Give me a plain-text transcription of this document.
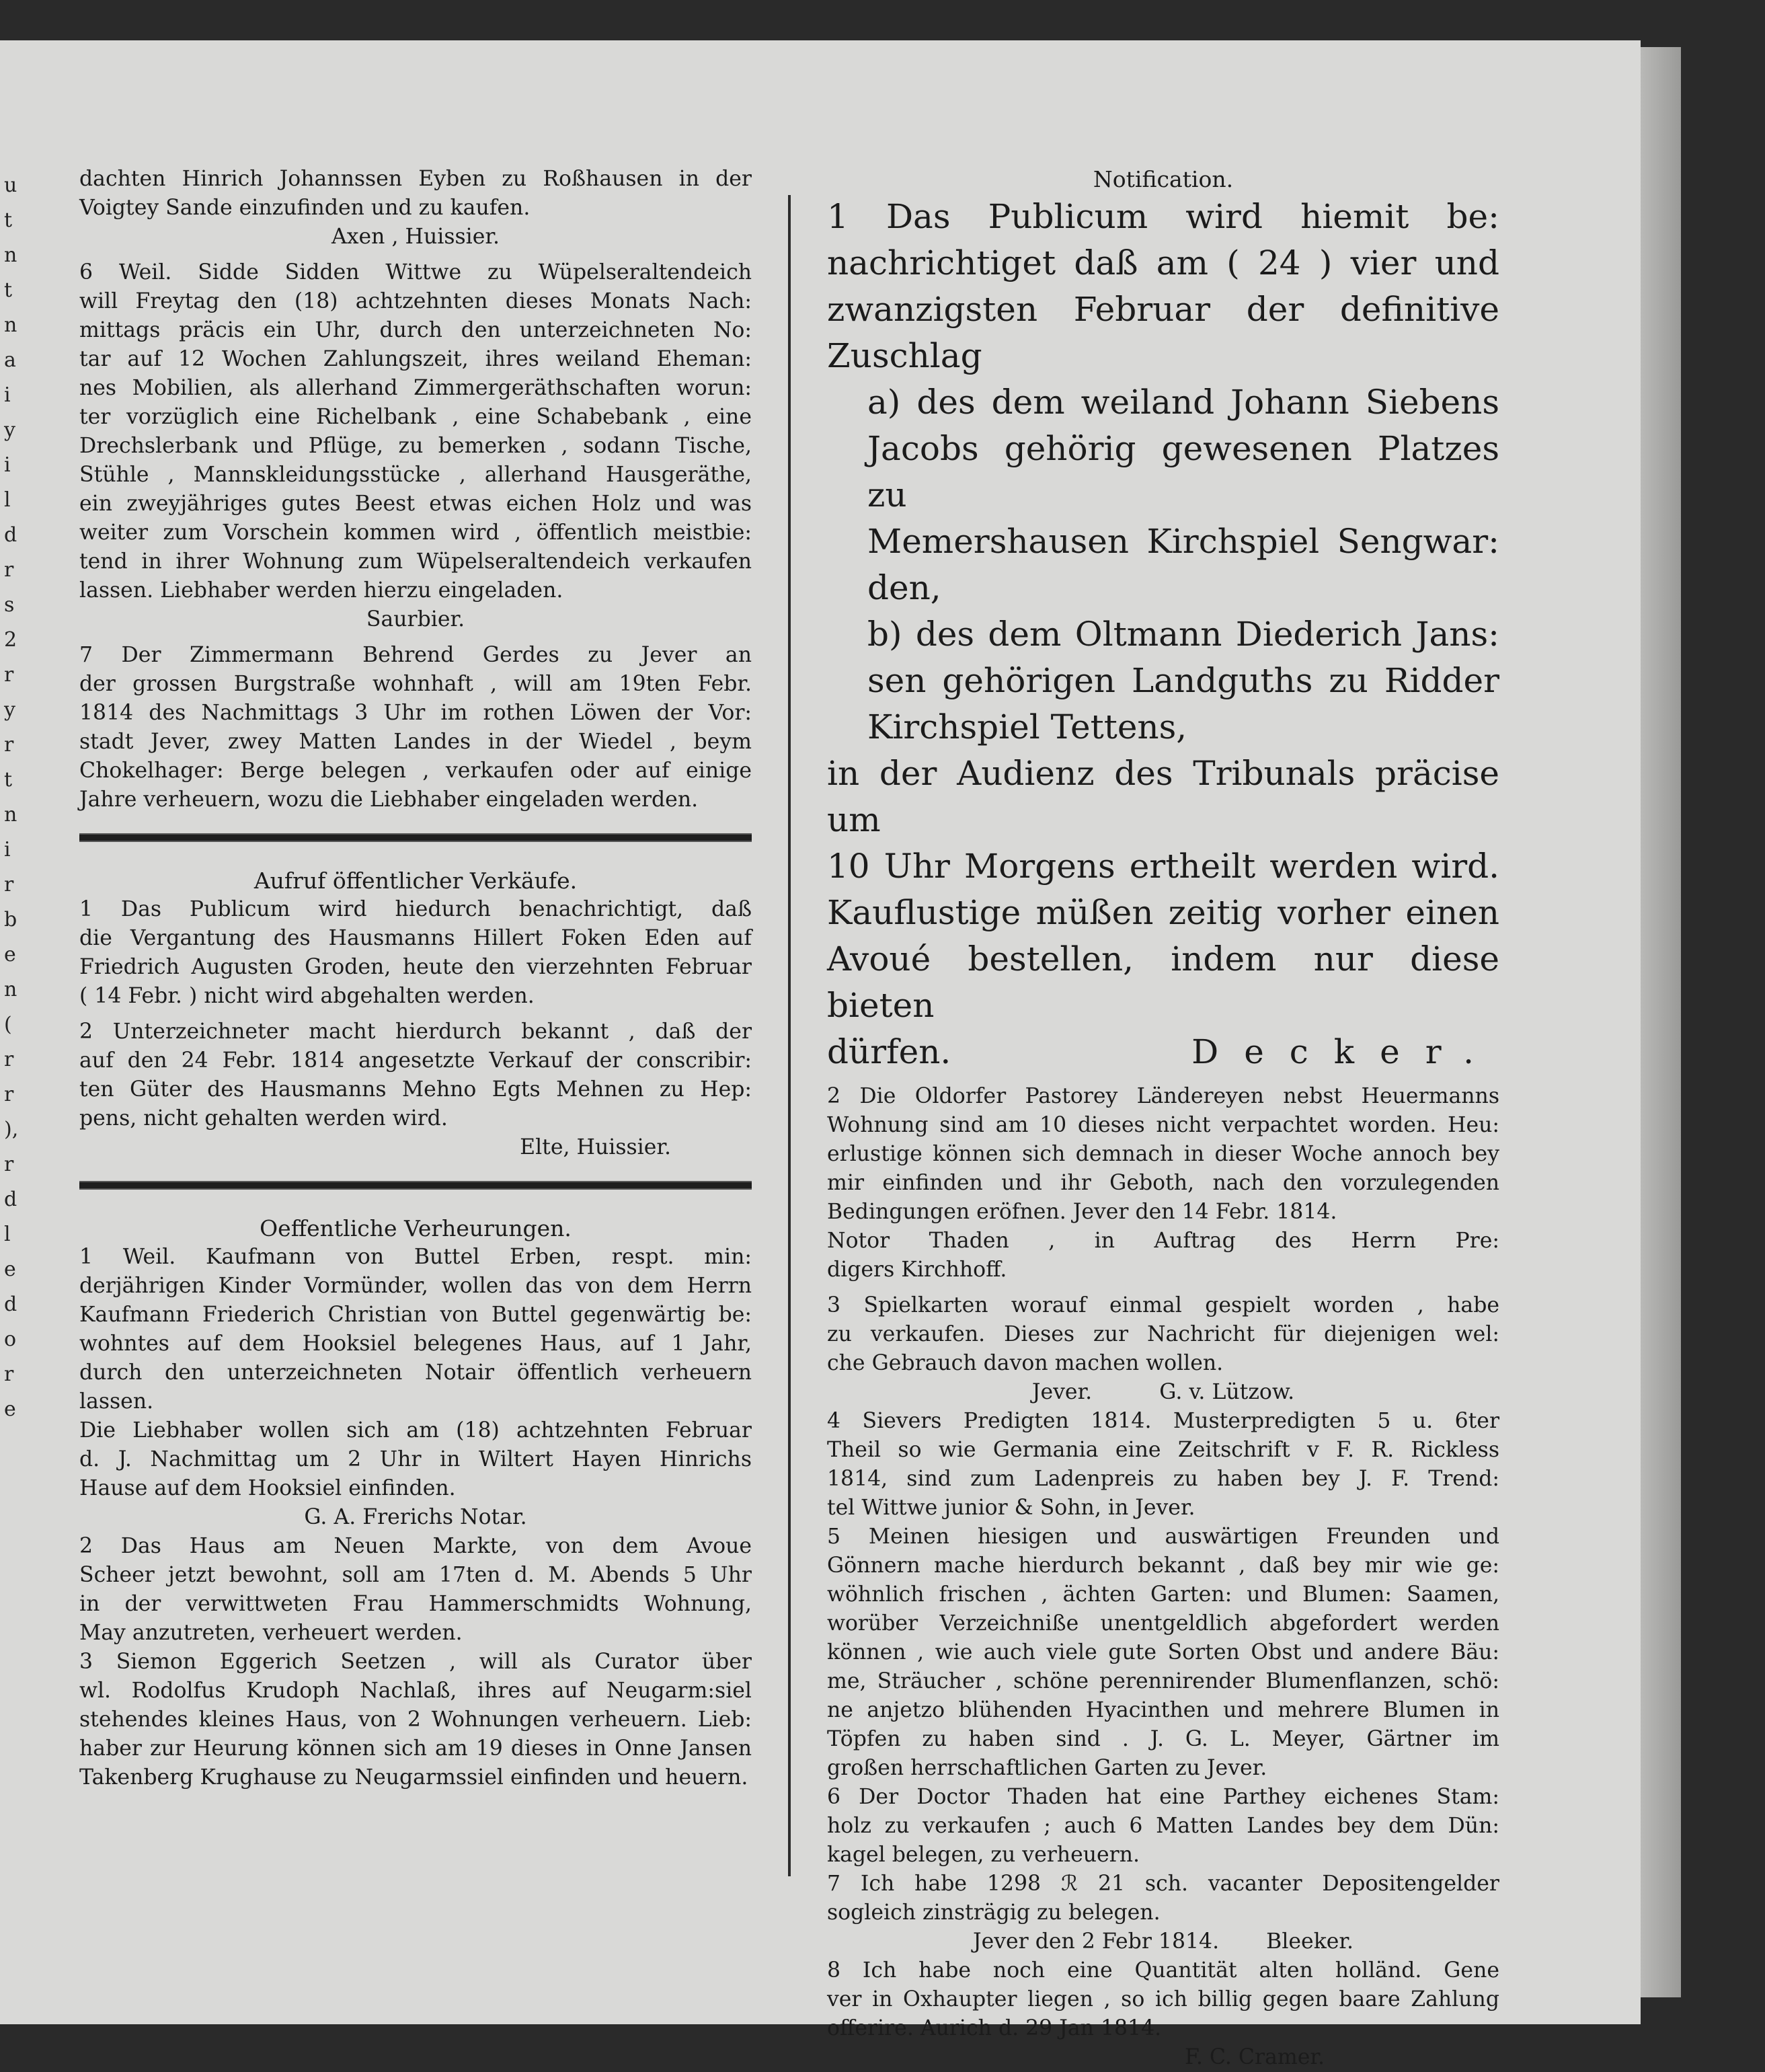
u
t
n
t
n
a
i
y
i
l
d
r
s
2
r
y
r
t
n
i
r
b
e
n
(
r
r
),
r
d
l
e
d
o
r
e

dachten Hinrich Johannssen Eyben zu Roßhausen in der

Voigtey Sande einzufinden und zu kaufen.

Axen , Huissier.

6 Weil. Sidde Sidden Wittwe zu Wüpelseraltendeich

will Freytag den (18) achtzehnten dieses Monats Nach:

mittags präcis ein Uhr, durch den unterzeichneten No:

tar auf 12 Wochen Zahlungszeit, ihres weiland Eheman:

nes Mobilien, als allerhand Zimmergeräthschaften worun:

ter vorzüglich eine Richelbank , eine Schabebank , eine

Drechslerbank und Pflüge, zu bemerken , sodann Tische,

Stühle , Mannskleidungsstücke , allerhand Hausgeräthe,

ein zweyjähriges gutes Beest etwas eichen Holz und was

weiter zum Vorschein kommen wird , öffentlich meistbie:

tend in ihrer Wohnung zum Wüpelseraltendeich verkaufen

lassen. Liebhaber werden hierzu eingeladen.

Saurbier.

7 Der Zimmermann Behrend Gerdes zu Jever an

der grossen Burgstraße wohnhaft , will am 19ten Febr.

1814 des Nachmittags 3 Uhr im rothen Löwen der Vor:

stadt Jever, zwey Matten Landes in der Wiedel , beym

Chokelhager: Berge belegen , verkaufen oder auf einige

Jahre verheuern, wozu die Liebhaber eingeladen werden.

Aufruf öffentlicher Verkäufe.

1 Das Publicum wird hiedurch benachrichtigt, daß

die Vergantung des Hausmanns Hillert Foken Eden auf

Friedrich Augusten Groden, heute den vierzehnten Februar

( 14 Febr. ) nicht wird abgehalten werden.

2 Unterzeichneter macht hierdurch bekannt , daß der

auf den 24 Febr. 1814 angesetzte Verkauf der conscribir:

ten Güter des Hausmanns Mehno Egts Mehnen zu Hep:

pens, nicht gehalten werden wird.

Elte, Huissier.

Oeffentliche Verheurungen.

1 Weil. Kaufmann von Buttel Erben, respt. min:

derjährigen Kinder Vormünder, wollen das von dem Herrn

Kaufmann Friederich Christian von Buttel gegenwärtig be:

wohntes auf dem Hooksiel belegenes Haus, auf 1 Jahr,

durch den unterzeichneten Notair öffentlich verheuern lassen.

Die Liebhaber wollen sich am (18) achtzehnten Februar

d. J. Nachmittag um 2 Uhr in Wiltert Hayen Hinrichs

Hause auf dem Hooksiel einfinden.

G. A. Frerichs Notar.

2 Das Haus am Neuen Markte, von dem Avoue

Scheer jetzt bewohnt, soll am 17ten d. M. Abends 5 Uhr

in der verwittweten Frau Hammerschmidts Wohnung,

May anzutreten, verheuert werden.

3 Siemon Eggerich Seetzen , will als Curator über

wl. Rodolfus Krudoph Nachlaß, ihres auf Neugarm:siel

stehendes kleines Haus, von 2 Wohnungen verheuern. Lieb:

haber zur Heurung können sich am 19 dieses in Onne Jansen

Takenberg Krughause zu Neugarmssiel einfinden und heuern.

Notification.

1 Das Publicum wird hiemit be:

nachrichtiget daß am ( 24 ) vier und

zwanzigsten Februar der definitive Zuschlag

a) des dem weiland Johann Siebens

Jacobs gehörig gewesenen Platzes zu

Memershausen Kirchspiel Sengwar:

den,

b) des dem Oltmann Diederich Jans:

sen gehörigen Landguths zu Ridder

Kirchspiel Tettens,

in der Audienz des Tribunals präcise um

10 Uhr Morgens ertheilt werden wird.

Kauflustige müßen zeitig vorher einen

Avoué bestellen, indem nur diese bieten

dürfen.	Decker.

2 Die Oldorfer Pastorey Ländereyen nebst Heuermanns

Wohnung sind am 10 dieses nicht verpachtet worden. Heu:

erlustige können sich demnach in dieser Woche annoch bey

mir einfinden und ihr Geboth, nach den vorzulegenden

Bedingungen eröfnen. Jever den 14 Febr. 1814.

Notor Thaden , in Auftrag des Herrn Pre:

digers Kirchhoff.

3 Spielkarten worauf einmal gespielt worden , habe

zu verkaufen. Dieses zur Nachricht für diejenigen wel:

che Gebrauch davon machen wollen.

Jever.          G. v. Lützow.

4 Sievers Predigten 1814. Musterpredigten 5 u. 6ter

Theil so wie Germania eine Zeitschrift v F. R. Rickless

1814, sind zum Ladenpreis zu haben bey J. F. Trend:

tel Wittwe junior & Sohn, in Jever.

5 Meinen hiesigen und auswärtigen Freunden und

Gönnern mache hierdurch bekannt , daß bey mir wie ge:

wöhnlich frischen , ächten Garten: und Blumen: Saamen,

worüber Verzeichniße unentgeldlich abgefordert werden

können , wie auch viele gute Sorten Obst und andere Bäu:

me, Sträucher , schöne perennirender Blumenflanzen, schö:

ne anjetzo blühenden Hyacinthen und mehrere Blumen in

Töpfen zu haben sind . J. G. L. Meyer, Gärtner im

großen herrschaftlichen Garten zu Jever.

6 Der Doctor Thaden hat eine Parthey eichenes Stam:

holz zu verkaufen ; auch 6 Matten Landes bey dem Dün:

kagel belegen, zu verheuern.

7 Ich habe 1298 ℛ 21 sch. vacanter Depositengelder

sogleich zinsträgig zu belegen.

Jever den 2 Febr 1814.       Bleeker.

8 Ich habe noch eine Quantität alten holländ. Gene

ver in Oxhaupter liegen , so ich billig gegen baare Zahlung

offerire. Aurich d. 29 Jan 1814.

F. C. Cramer.
